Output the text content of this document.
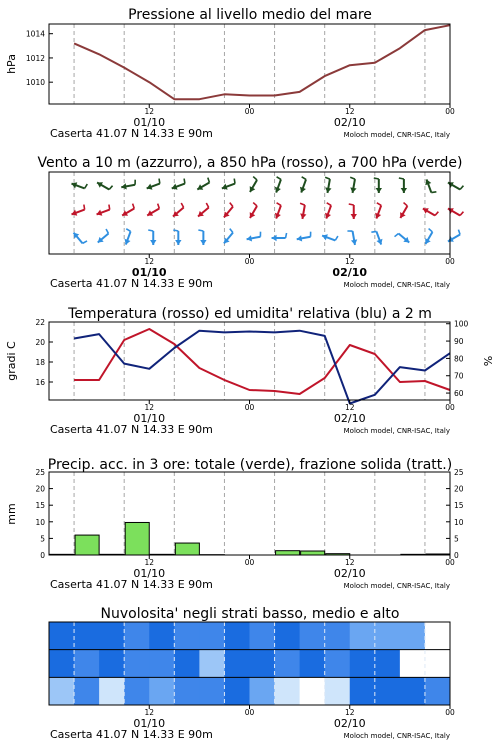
Pressione al livello medio del mare
hPa
1010
1012
1014
12	00	12	00
01/10	02/10
Caserta 41.07 N 14.33 E 90m	Moloch model, CNR-ISAC, Italy
Vento a 10 m (azzurro), a 850 hPa (rosso), a 700 hPa (verde)
12	00	12	00
01/10	02/10
Caserta 41.07 N 14.33 E 90m	Moloch model, CNR-ISAC, Italy
Temperatura (rosso) ed umidita' relativa (blu) a 2 m
gradi C	%
16
18
20
22
60
70
80
90
100
12	00	12	00
01/10	02/10
Caserta 41.07 N 14.33 E 90m	Moloch model, CNR-ISAC, Italy
Precip. acc. in 3 ore: totale (verde), frazione solida (tratt.)
mm
0
5
10
15
20
25
0
5
10
15
20
25
12	00	12	00
01/10	02/10
Caserta 41.07 N 14.33 E 90m	Moloch model, CNR-ISAC, Italy
Nuvolosita' negli strati basso, medio e alto
12	00	12	00
01/10	02/10
Caserta 41.07 N 14.33 E 90m	Moloch model, CNR-ISAC, Italy
